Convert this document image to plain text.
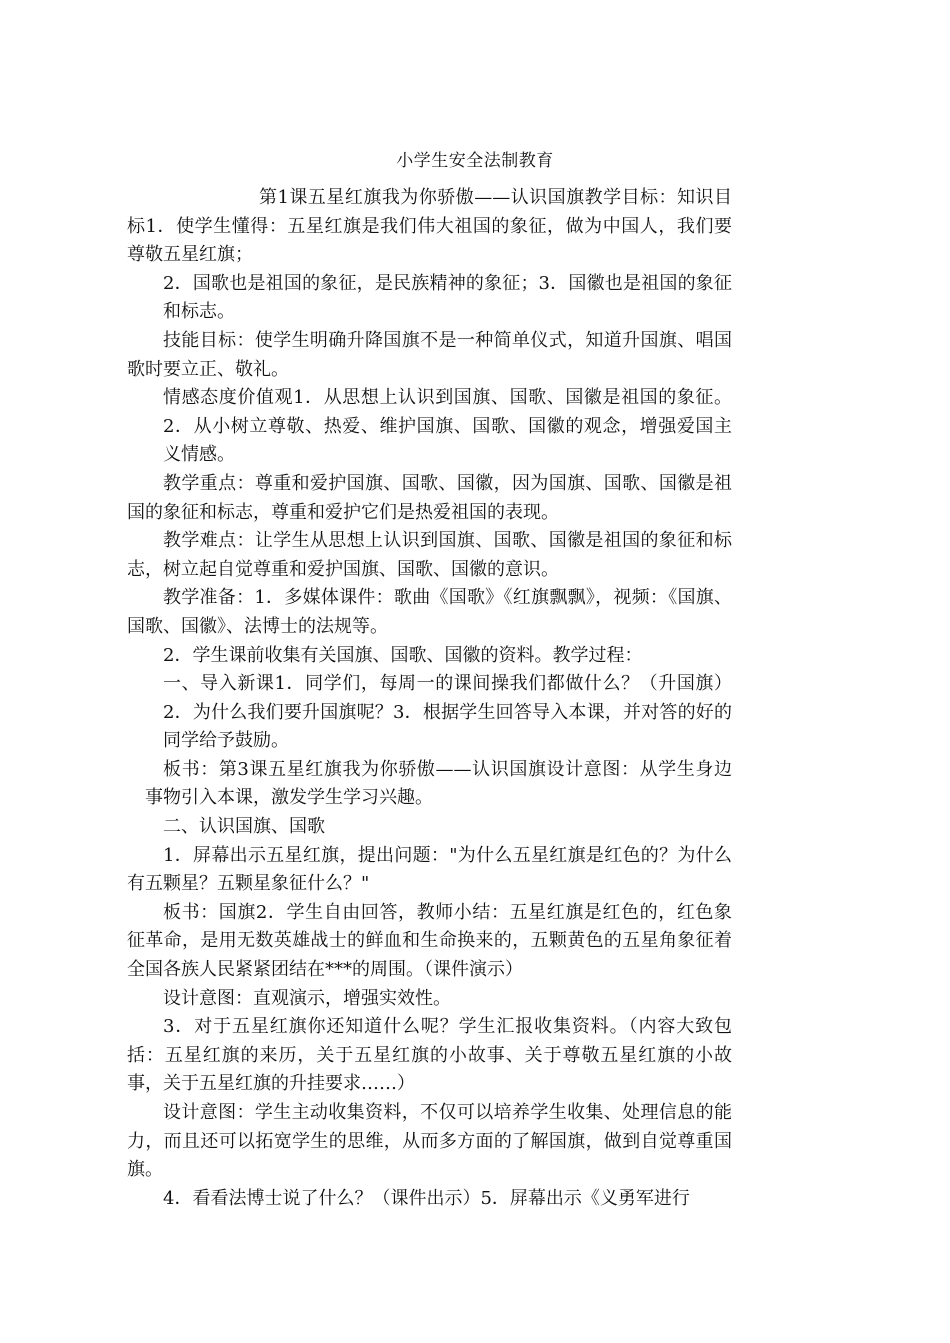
小学生安全法制教育

第1课五星红旗我为你骄傲——认识国旗教学目标：知识目标1．使学生懂得：五星红旗是我们伟大祖国的象征，做为中国人，我们要尊敬五星红旗；

2．国歌也是祖国的象征，是民族精神的象征；3．国徽也是祖国的象征和标志。

技能目标：使学生明确升降国旗不是一种简单仪式，知道升国旗、唱国歌时要立正、敬礼。

情感态度价值观1．从思想上认识到国旗、国歌、国徽是祖国的象征。2．从小树立尊敬、热爱、维护国旗、国歌、国徽的观念，增强爱国主义情感。

教学重点：尊重和爱护国旗、国歌、国徽，因为国旗、国歌、国徽是祖国的象征和标志，尊重和爱护它们是热爱祖国的表现。

教学难点：让学生从思想上认识到国旗、国歌、国徽是祖国的象征和标志，树立起自觉尊重和爱护国旗、国歌、国徽的意识。

教学准备：1．多媒体课件：歌曲《国歌》《红旗飘飘》，视频：《国旗、国歌、国徽》、法博士的法规等。

2．学生课前收集有关国旗、国歌、国徽的资料。教学过程：

一、导入新课1．同学们，每周一的课间操我们都做什么？（升国旗）2．为什么我们要升国旗呢？3．根据学生回答导入本课，并对答的好的同学给予鼓励。

板书：第3课五星红旗我为你骄傲——认识国旗设计意图：从学生身边事物引入本课，激发学生学习兴趣。

二、认识国旗、国歌

1．屏幕出示五星红旗，提出问题："为什么五星红旗是红色的？为什么有五颗星？五颗星象征什么？"

板书：国旗2．学生自由回答，教师小结：五星红旗是红色的，红色象征革命，是用无数英雄战士的鲜血和生命换来的，五颗黄色的五星角象征着全国各族人民紧紧团结在***的周围。（课件演示）

设计意图：直观演示，增强实效性。

3．对于五星红旗你还知道什么呢？学生汇报收集资料。（内容大致包括：五星红旗的来历，关于五星红旗的小故事、关于尊敬五星红旗的小故事，关于五星红旗的升挂要求……）

设计意图：学生主动收集资料，不仅可以培养学生收集、处理信息的能力，而且还可以拓宽学生的思维，从而多方面的了解国旗，做到自觉尊重国旗。

4．看看法博士说了什么？（课件出示）5．屏幕出示《义勇军进行
